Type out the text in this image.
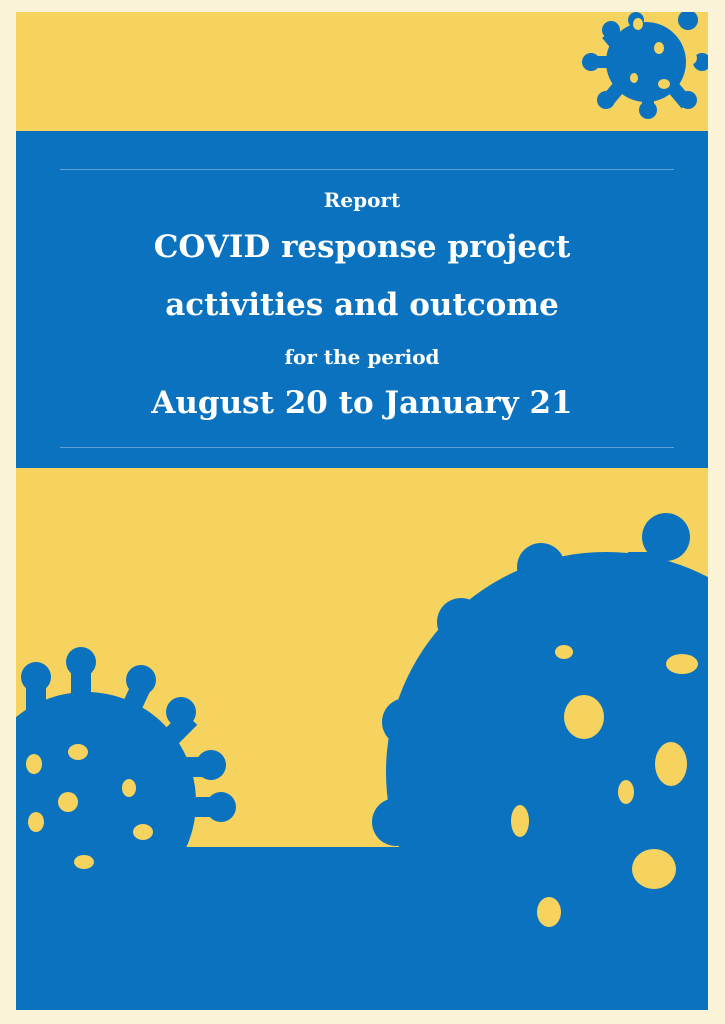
Report
COVID response project
activities and outcome
for the period
August 20 to January 21
